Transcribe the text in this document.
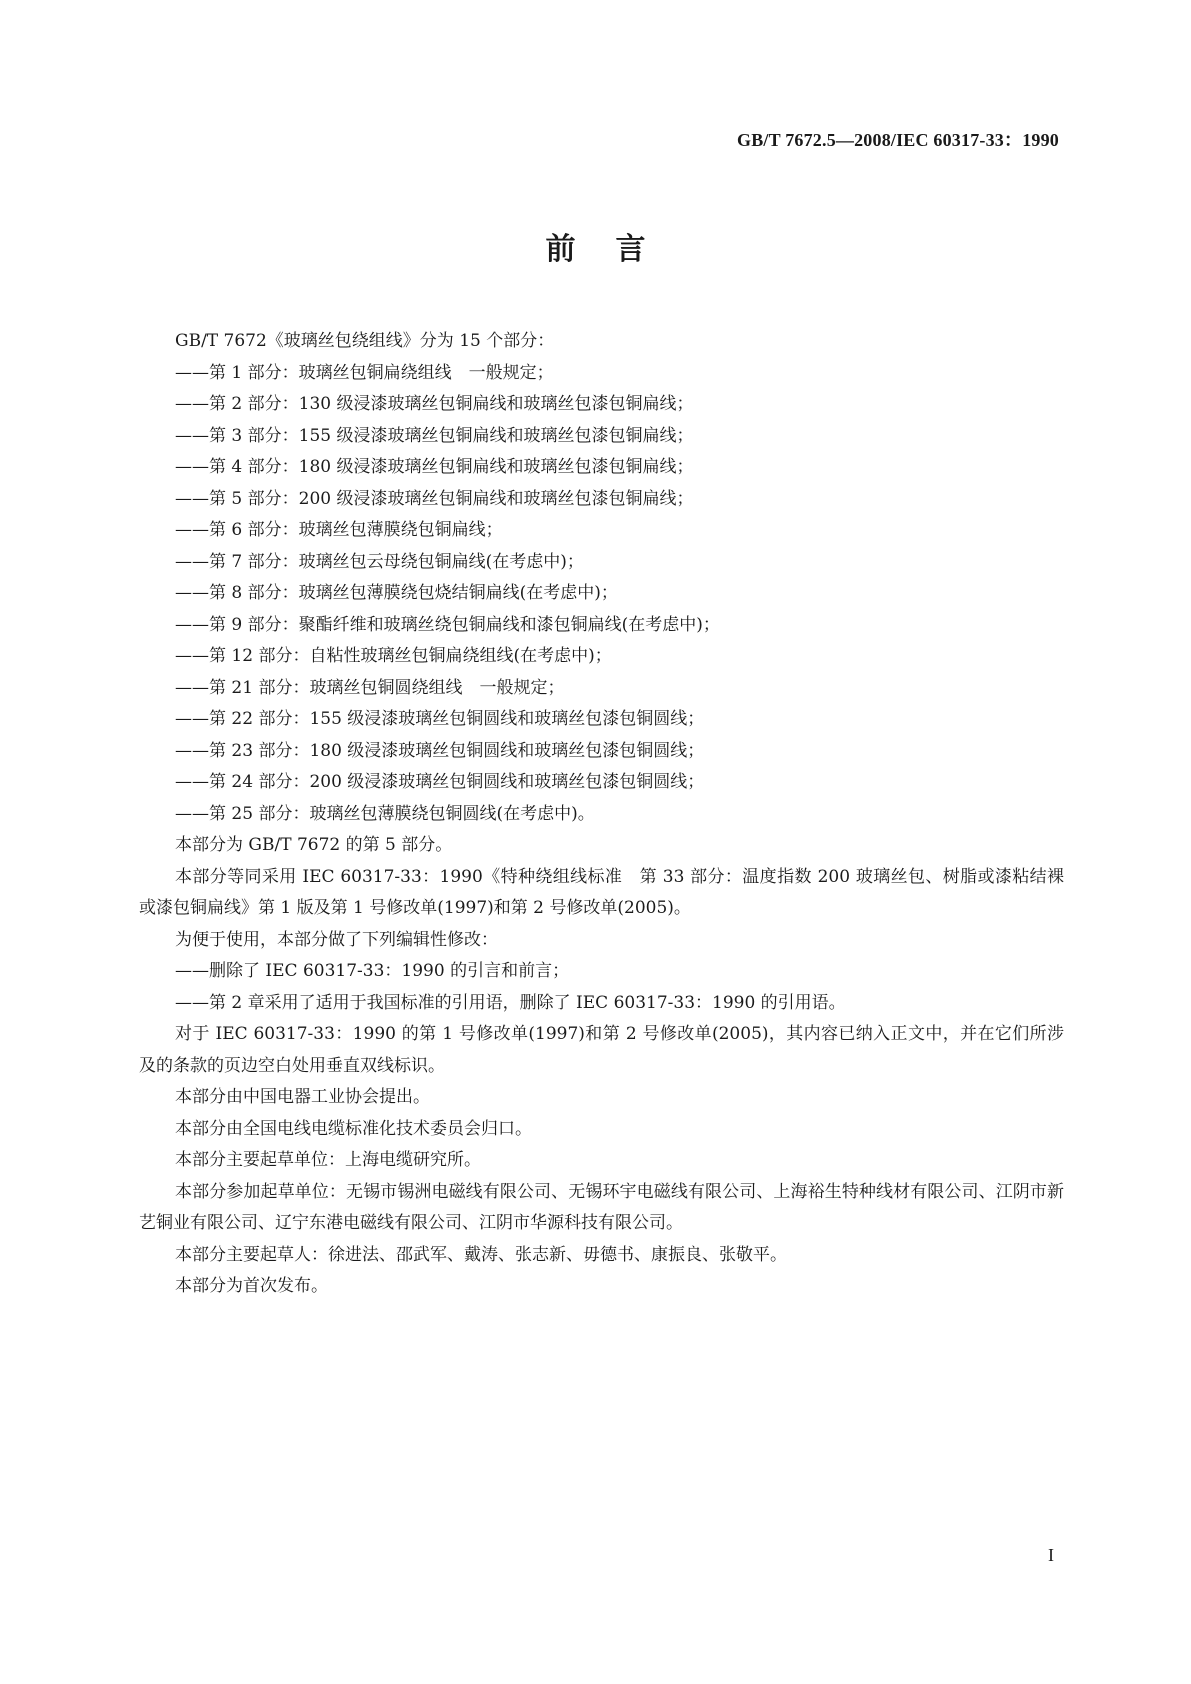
GB/T 7672.5—2008/IEC 60317-33：1990
前言

GB/T 7672《玻璃丝包绕组线》分为 15 个部分：

——第 1 部分：玻璃丝包铜扁绕组线　一般规定；

——第 2 部分：130 级浸漆玻璃丝包铜扁线和玻璃丝包漆包铜扁线；

——第 3 部分：155 级浸漆玻璃丝包铜扁线和玻璃丝包漆包铜扁线；

——第 4 部分：180 级浸漆玻璃丝包铜扁线和玻璃丝包漆包铜扁线；

——第 5 部分：200 级浸漆玻璃丝包铜扁线和玻璃丝包漆包铜扁线；

——第 6 部分：玻璃丝包薄膜绕包铜扁线；

——第 7 部分：玻璃丝包云母绕包铜扁线(在考虑中)；

——第 8 部分：玻璃丝包薄膜绕包烧结铜扁线(在考虑中)；

——第 9 部分：聚酯纤维和玻璃丝绕包铜扁线和漆包铜扁线(在考虑中)；

——第 12 部分：自粘性玻璃丝包铜扁绕组线(在考虑中)；

——第 21 部分：玻璃丝包铜圆绕组线　一般规定；

——第 22 部分：155 级浸漆玻璃丝包铜圆线和玻璃丝包漆包铜圆线；

——第 23 部分：180 级浸漆玻璃丝包铜圆线和玻璃丝包漆包铜圆线；

——第 24 部分：200 级浸漆玻璃丝包铜圆线和玻璃丝包漆包铜圆线；

——第 25 部分：玻璃丝包薄膜绕包铜圆线(在考虑中)。

本部分为 GB/T 7672 的第 5 部分。

本部分等同采用 IEC 60317-33：1990《特种绕组线标准　第 33 部分：温度指数 200 玻璃丝包、树脂或漆粘结裸或漆包铜扁线》第 1 版及第 1 号修改单(1997)和第 2 号修改单(2005)。

为便于使用，本部分做了下列编辑性修改：

——删除了 IEC 60317-33：1990 的引言和前言；

——第 2 章采用了适用于我国标准的引用语，删除了 IEC 60317-33：1990 的引用语。

对于 IEC 60317-33：1990 的第 1 号修改单(1997)和第 2 号修改单(2005)，其内容已纳入正文中，并在它们所涉及的条款的页边空白处用垂直双线标识。

本部分由中国电器工业协会提出。

本部分由全国电线电缆标准化技术委员会归口。

本部分主要起草单位：上海电缆研究所。

本部分参加起草单位：无锡市锡洲电磁线有限公司、无锡环宇电磁线有限公司、上海裕生特种线材有限公司、江阴市新艺铜业有限公司、辽宁东港电磁线有限公司、江阴市华源科技有限公司。

本部分主要起草人：徐进法、邵武军、戴涛、张志新、毋德书、康振良、张敬平。

本部分为首次发布。

I
